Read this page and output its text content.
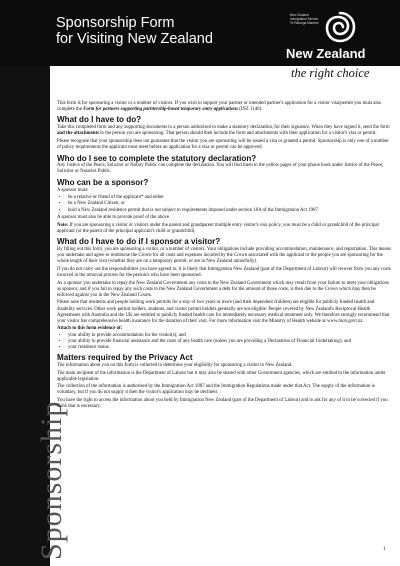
Sponsorship Form
for Visiting New Zealand
New Zealand
Immigration Service
Te Ratonga Manene
New Zealand
the right choice
Sponsorship

This form is for sponsoring a visitor or a number of visitors. If you wish to support your partner or intended partner's application for a visitor visa/permit you must also complete the Form for partners supporting partnership-based temporary entry applications (INZ 1146).

What do I have to do?

Take this completed form and any supporting documents to a person authorised to make a statutory declaration, for their signature. When they have signed it, send the form and the attachments to the person you are sponsoring. That person should then include the form and attachments with their application for a visitor's visa or permit.

Please recognise that your sponsorship does not guarantee that the visitor you are sponsoring will be issued a visa or granted a permit. Sponsorship is only one of a number of policy requirements the applicant must meet before an application for a visa or permit can be approved.

Who do I see to complete the statutory declaration?

Any Justice of the Peace, Solicitor or Notary Public can complete the declaration. You will find them in the yellow pages of your phone book under Justice of the Peace, Solicitor or Notaries Public.

Who can be a sponsor?

A sponsor must:

• be a relative or friend of the applicant* and either
• be a New Zealand Citizen; or
• hold a New Zealand residence permit that is not subject to requirements imposed under section 18A of the Immigration Act 1987.

A sponsor must also be able to provide proof of the above.

Note: If you are sponsoring a visitor or visitors under the parent and grandparent multiple entry visitor's visa policy, you must be a child or grandchild of the principal applicant (or the parent of the principal applicant's child or grandchild).

What do I have to do if I sponsor a visitor?

By filling out this form, you are sponsoring a visitor, or a number of visitors. Your obligations include providing accommodation, maintenance, and repatriation. This means you undertake and agree to reimburse the Crown for all costs and expenses incurred by the Crown associated with the applicant or the people you are sponsoring for the whole length of their visit (whether they are on a temporary permit, or are in New Zealand unlawfully).

If you do not carry out the responsibilities you have agreed to, it is likely that Immigration New Zealand (part of the Department of Labour) will recover from you any costs incurred in the removal process for the person/s who have been sponsored.

As a sponsor you undertake to repay the New Zealand Government any costs to the New Zealand Government which may result from your failure to meet your obligations as sponsor, and if you fail to repay any such costs to the New Zealand Government a debt for the amount of those costs, is then due to the Crown which may then be enforced against you in the New Zealand Courts.

Please note that residents and people holding work permits for a stay of two years or more (and their dependent children) are eligible for publicly funded health and disability services. Other work permit holders, students, and visitor permit holders generally are not eligible. People covered by New Zealand's Reciprocal Health Agreements with Australia and the UK are entitled to publicly funded health care for immediately necessary medical treatment only. We therefore strongly recommend that your visitor has comprehensive health insurance for the duration of their visit. For more information visit the Ministry of Health website at www.moh.govt.nz.

Attach to this form evidence of:
• your ability to provide accommodation for the visitor(s); and
• your ability to provide financial assistance and the costs of any health care (unless you are providing a Declaration of Financial Undertaking); and
• your residence status.
Matters required by the Privacy Act

The information about you on this form is collected to determine your eligibility for sponsoring a visitor to New Zealand.

The main recipient of the information is the Department of Labour but it may also be shared with other Government agencies, which are entitled to the information under applicable legislation.

The collection of the information is authorised by the Immigration Act 1987 and the Immigration Regulations made under that Act. The supply of the information is voluntary, but if you do not supply it then the visitor's application may be declined.

You have the right to access the information about you held by Immigration New Zealand (part of the Department of Labour) and to ask for any of it to be corrected if you think that is necessary.

1
